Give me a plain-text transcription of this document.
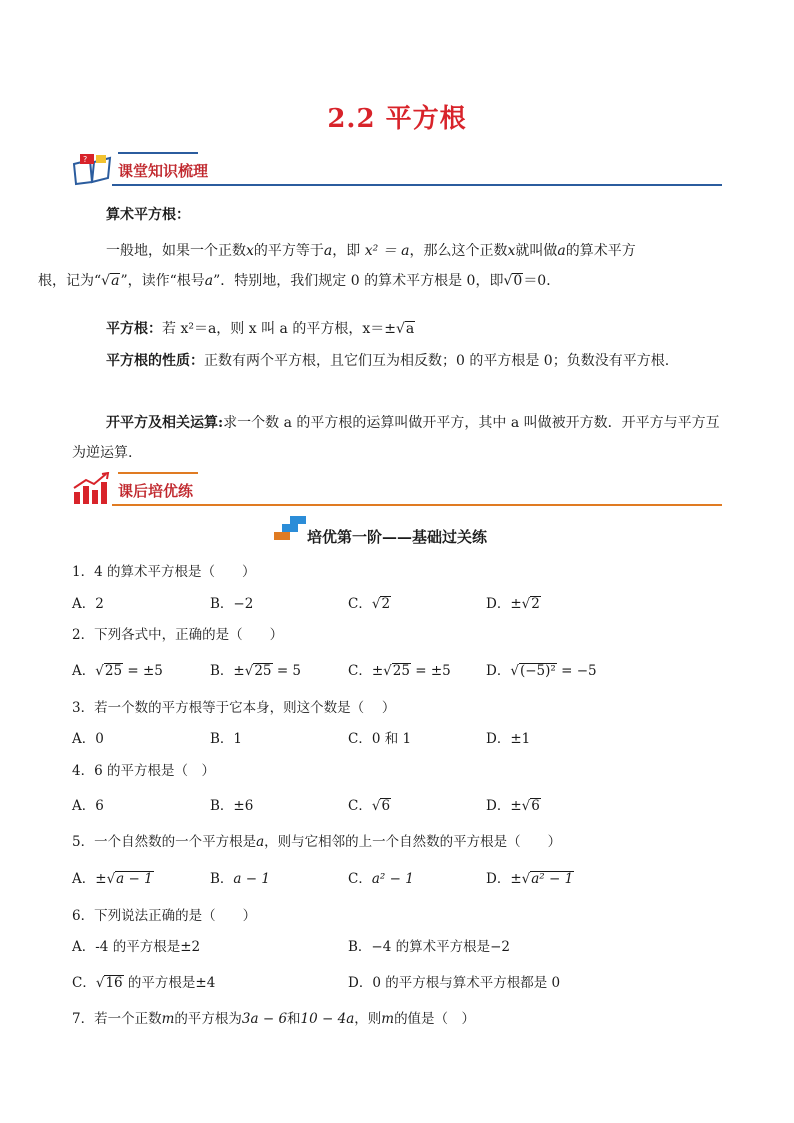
2.2 平方根
?
课堂知识梳理
算术平方根：
一般地，如果一个正数x的平方等于a，即 x² ＝ a，那么这个正数x就叫做a的算术平方
根，记为“√a”，读作“根号a”．特别地，我们规定 0 的算术平方根是 0，即√0＝0．
平方根：若 x²＝a，则 x 叫 a 的平方根，x＝±√a
平方根的性质：正数有两个平方根，且它们互为相反数；0 的平方根是 0；负数没有平方根.
开平方及相关运算:求一个数 a 的平方根的运算叫做开平方，其中 a 叫做被开方数．开平方与平方互为逆运算.
课后培优练
培优第一阶——基础过关练
1．4 的算术平方根是（　　）
A．2	B．−2	C．√2	D．±√2
2．下列各式中，正确的是（　　）
A．√25 = ±5	B．±√25 = 5	C．±√25 = ±5	D．√(−5)² = −5
3．若一个数的平方根等于它本身，则这个数是（　 ）
A．0	B．1	C．0 和 1	D．±1
4．6 的平方根是（　）
A．6	B．±6	C．√6	D．±√6
5．一个自然数的一个平方根是a，则与它相邻的上一个自然数的平方根是（　　）
A．±√a − 1	B．a − 1	C．a² − 1	D．±√a² − 1
6．下列说法正确的是（　　）
A．-4 的平方根是±2	B．−4 的算术平方根是−2
C．√16 的平方根是±4	D．0 的平方根与算术平方根都是 0
7．若一个正数m的平方根为3a − 6和10 − 4a，则m的值是（　）
